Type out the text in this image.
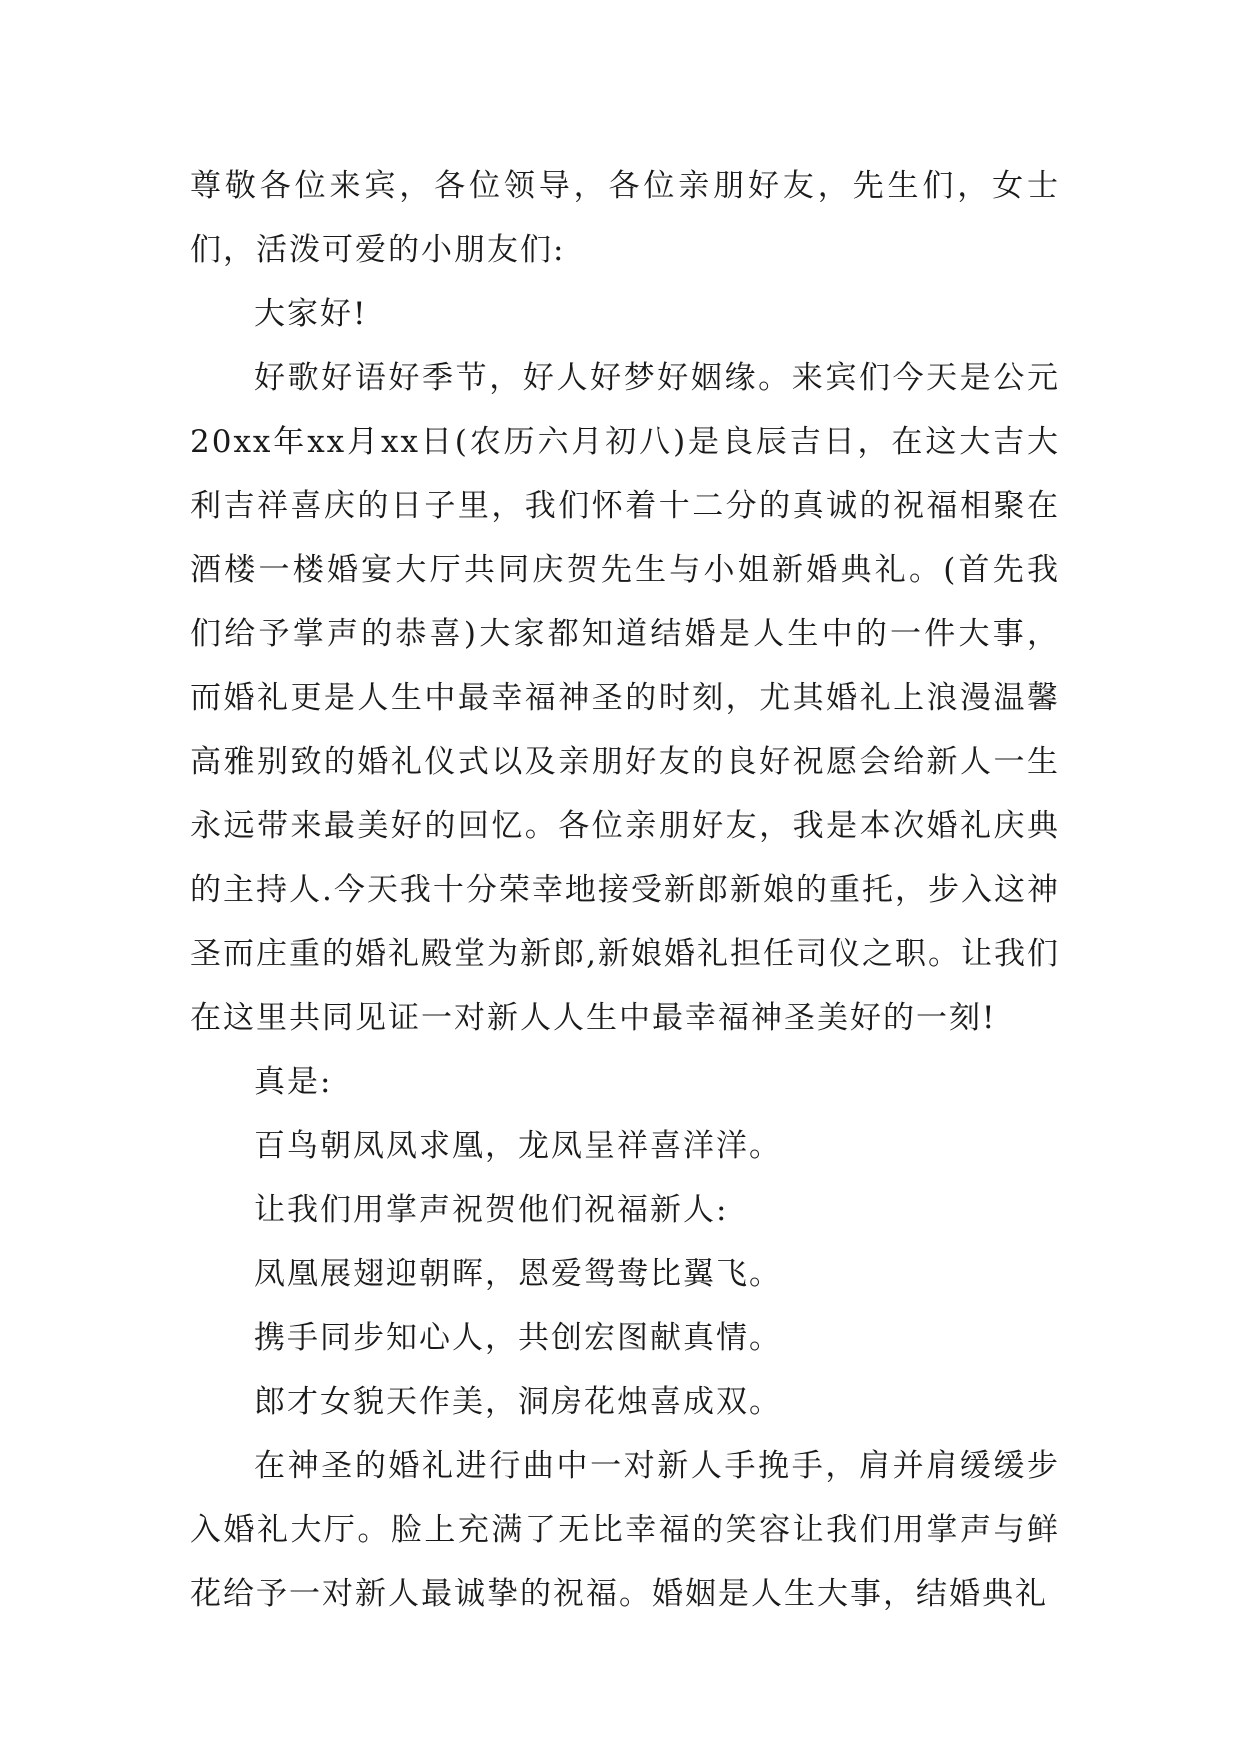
尊敬各位来宾，各位领导，各位亲朋好友，先生们，女士们，活泼可爱的小朋友们:

大家好!

好歌好语好季节，好人好梦好姻缘。来宾们今天是公元20xx年xx月xx日(农历六月初八)是良辰吉日，在这大吉大利吉祥喜庆的日子里，我们怀着十二分的真诚的祝福相聚在酒楼一楼婚宴大厅共同庆贺先生与小姐新婚典礼。(首先我们给予掌声的恭喜)大家都知道结婚是人生中的一件大事，而婚礼更是人生中最幸福神圣的时刻，尤其婚礼上浪漫温馨高雅别致的婚礼仪式以及亲朋好友的良好祝愿会给新人一生永远带来最美好的回忆。各位亲朋好友，我是本次婚礼庆典的主持人.今天我十分荣幸地接受新郎新娘的重托，步入这神圣而庄重的婚礼殿堂为新郎,新娘婚礼担任司仪之职。让我们在这里共同见证一对新人人生中最幸福神圣美好的一刻!

真是:

百鸟朝凤凤求凰，龙凤呈祥喜洋洋。

让我们用掌声祝贺他们祝福新人:

凤凰展翅迎朝晖，恩爱鸳鸯比翼飞。

携手同步知心人，共创宏图献真情。

郎才女貌天作美，洞房花烛喜成双。

在神圣的婚礼进行曲中一对新人手挽手，肩并肩缓缓步入婚礼大厅。脸上充满了无比幸福的笑容让我们用掌声与鲜花给予一对新人最诚挚的祝福。婚姻是人生大事，结婚典礼
